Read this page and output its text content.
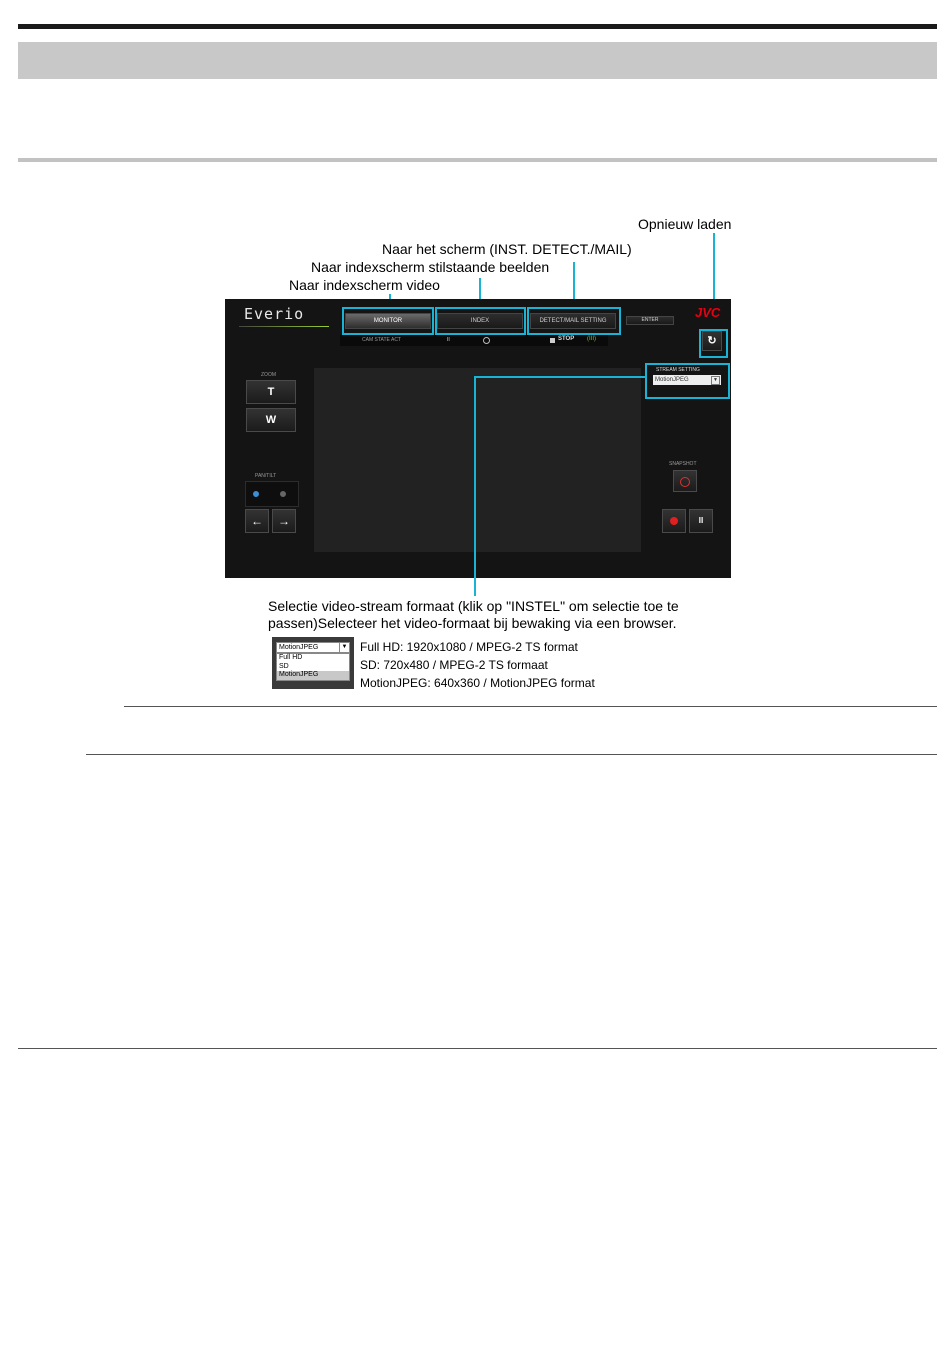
Opnieuw laden
Naar het scherm (INST. DETECT./MAIL)
Naar indexscherm stilstaande beelden
Naar indexscherm video
Everio	MONITOR	INDEX	DETECT/MAIL SETTING	ENTER	JVC
CAM STATE ACT	II	STOP (III)	↻
ZOOM
T
W
PAN/TILT
←	→
STREAM SETTING
MotionJPEG	▼
SNAPSHOT
II
Selectie video-stream formaat (klik op "INSTEL" om selectie toe te
passen)Selecteer het video-formaat bij bewaking via een browser.
MotionJPEG	▼
Full HD
SD
MotionJPEG
Full HD: 1920x1080 / MPEG-2 TS format
SD: 720x480 / MPEG-2 TS formaat
MotionJPEG: 640x360 / MotionJPEG format
